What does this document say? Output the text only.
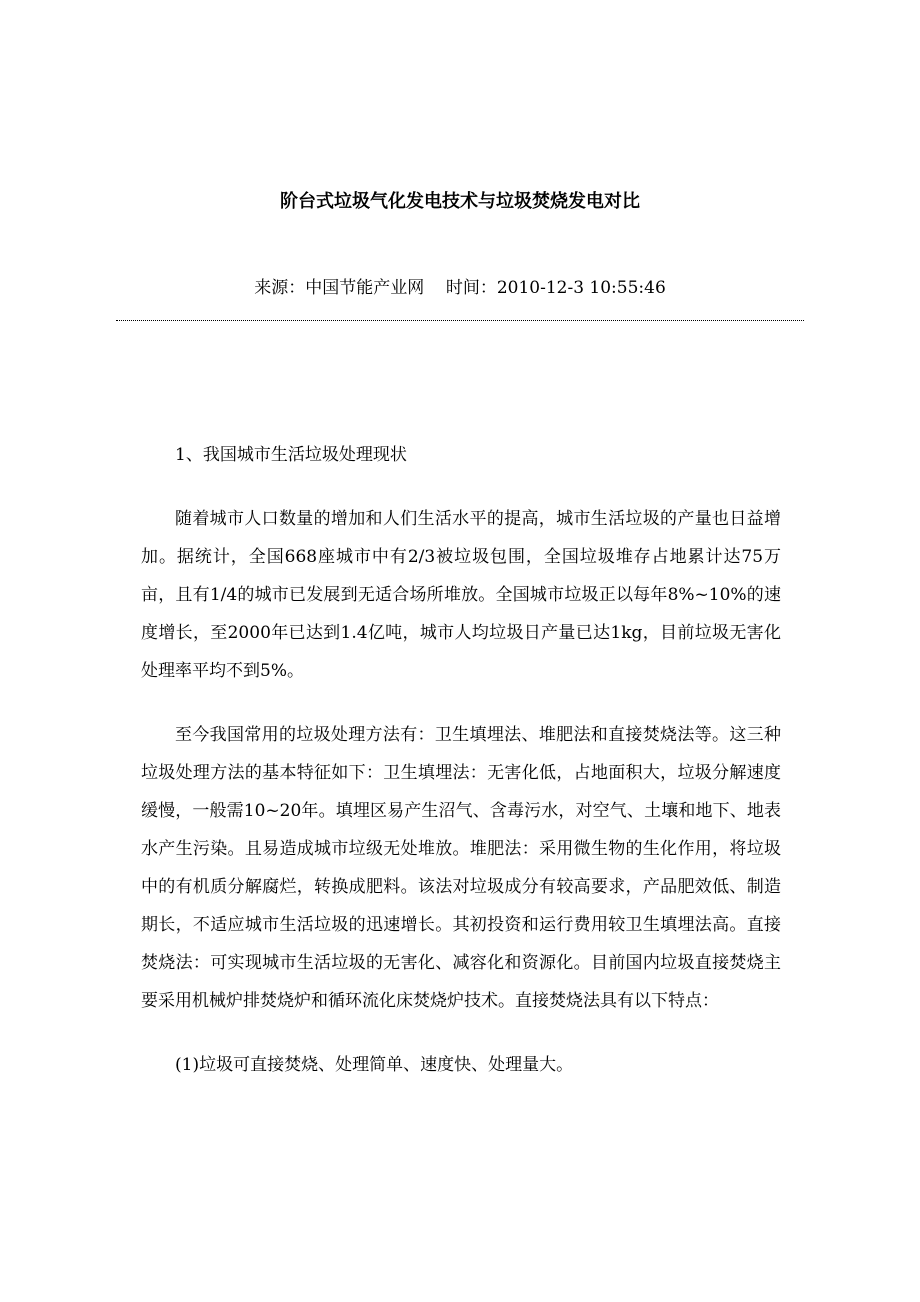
阶台式垃圾气化发电技术与垃圾焚烧发电对比
来源：中国节能产业网    时间：2010-12-3 10:55:46

1、我国城市生活垃圾处理现状

随着城市人口数量的增加和人们生活水平的提高，城市生活垃圾的产量也日益增加。据统计，全国668座城市中有2/3被垃圾包围，全国垃圾堆存占地累计达75万亩，且有1/4的城市已发展到无适合场所堆放。全国城市垃圾正以每年8%~10%的速度增长，至2000年已达到1.4亿吨，城市人均垃圾日产量已达1kg，目前垃圾无害化处理率平均不到5%。

至今我国常用的垃圾处理方法有：卫生填埋法、堆肥法和直接焚烧法等。这三种垃圾处理方法的基本特征如下：卫生填埋法：无害化低，占地面积大，垃圾分解速度缓慢，一般需10~20年。填埋区易产生沼气、含毒污水，对空气、土壤和地下、地表水产生污染。且易造成城市垃级无处堆放。堆肥法：采用微生物的生化作用，将垃圾中的有机质分解腐烂，转换成肥料。该法对垃圾成分有较高要求，产品肥效低、制造期长，不适应城市生活垃圾的迅速增长。其初投资和运行费用较卫生填埋法高。直接焚烧法：可实现城市生活垃圾的无害化、减容化和资源化。目前国内垃圾直接焚烧主要采用机械炉排焚烧炉和循环流化床焚烧炉技术。直接焚烧法具有以下特点：

(1)垃圾可直接焚烧、处理简单、速度快、处理量大。
